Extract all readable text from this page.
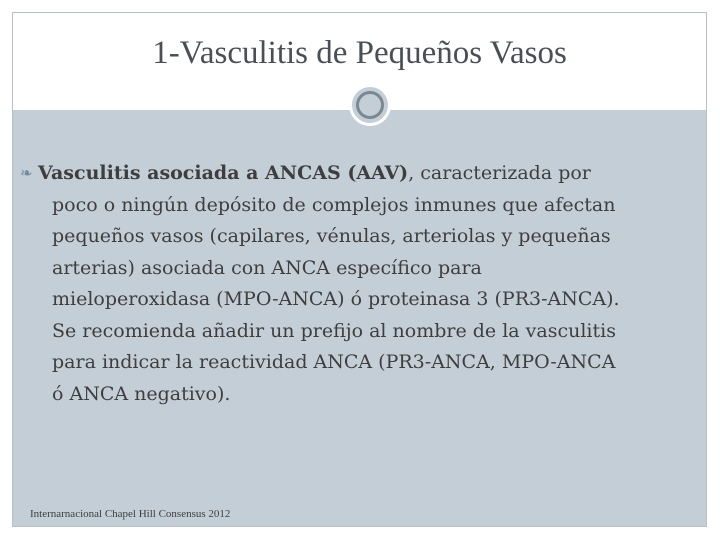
1-Vasculitis de Pequeños Vasos
❧ Vasculitis asociada a ANCAS (AAV), caracterizada por
poco o ningún depósito de complejos inmunes que afectan
pequeños vasos (capilares, vénulas, arteriolas y pequeñas
arterias) asociada con ANCA específico para
mieloperoxidasa (MPO-ANCA) ó proteinasa 3 (PR3-ANCA).
Se recomienda añadir un prefijo al nombre de la vasculitis
para indicar la reactividad ANCA (PR3-ANCA, MPO-ANCA
ó ANCA negativo).
Internarnacional Chapel Hill Consensus 2012
